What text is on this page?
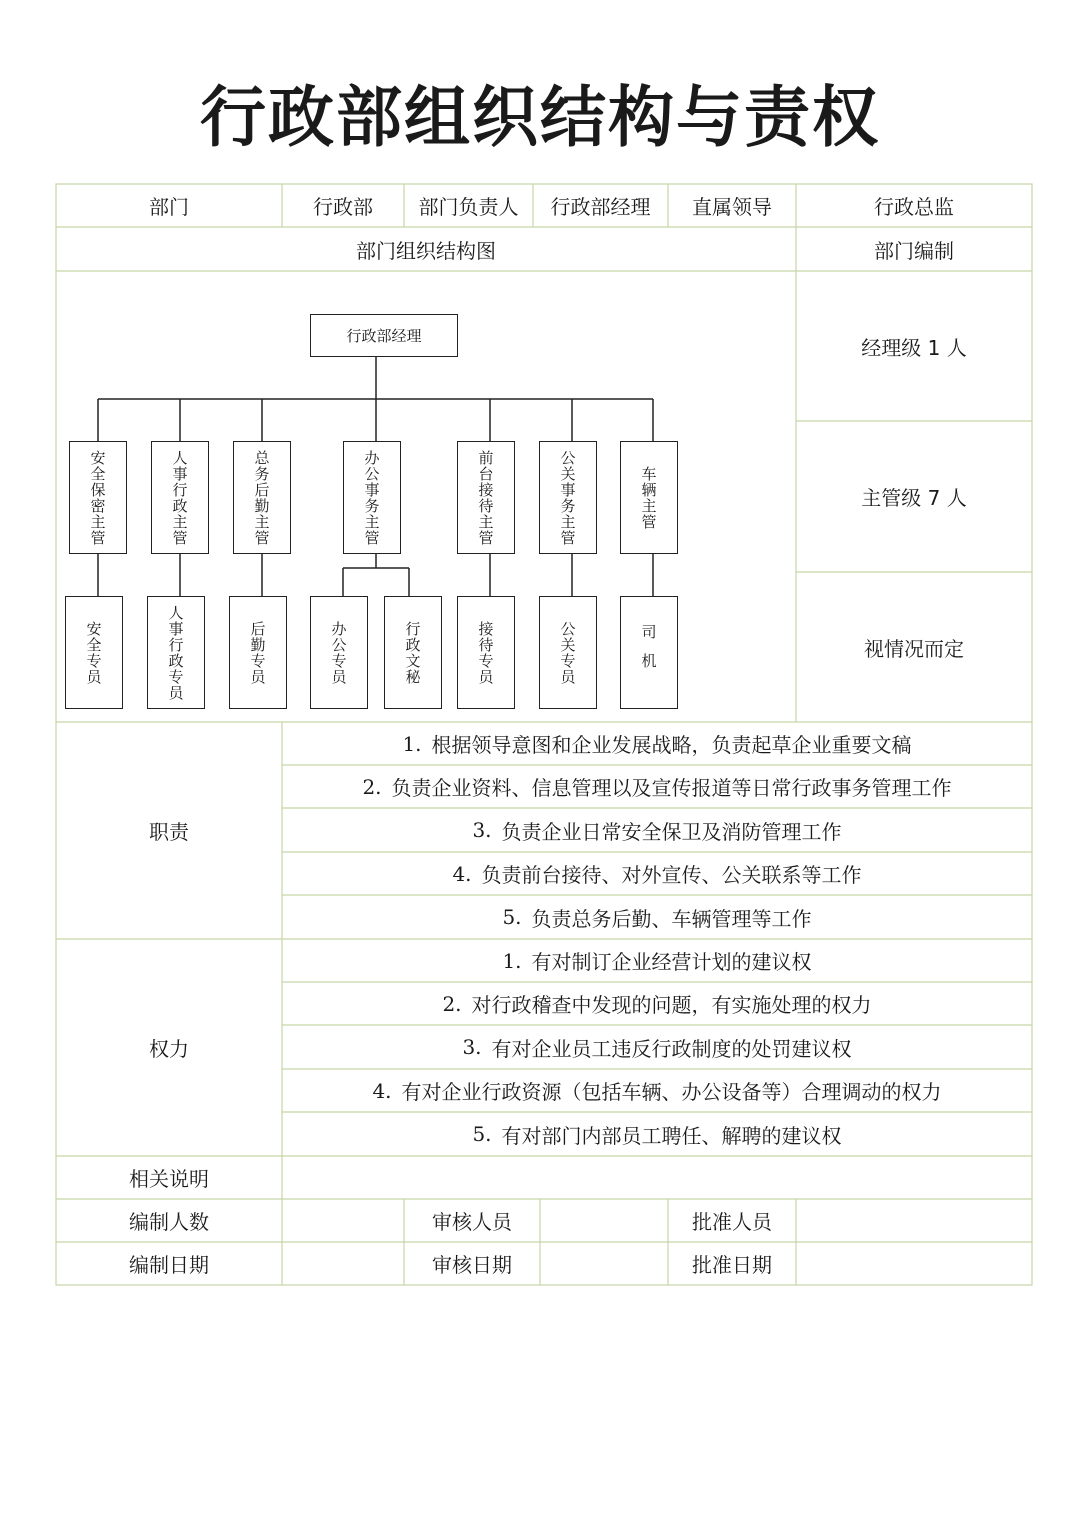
行政部组织结构与责权
部门	行政部	部门负责人	行政部经理	直属领导	行政总监
部门组织结构图	部门编制
经理级 1 人
主管级 7 人
视情况而定
行政部经理
安全保密主管	人事行政主管	总务后勤主管	办公事务主管	前台接待主管	公关事务主管	车辆主管
安全专员	人事行政专员	后勤专员	办公专员	行政文秘	接待专员	公关专员	司机
职责
1. 根据领导意图和企业发展战略，负责起草企业重要文稿
2. 负责企业资料、信息管理以及宣传报道等日常行政事务管理工作
3. 负责企业日常安全保卫及消防管理工作
4. 负责前台接待、对外宣传、公关联系等工作
5. 负责总务后勤、车辆管理等工作
权力
1. 有对制订企业经营计划的建议权
2. 对行政稽查中发现的问题，有实施处理的权力
3. 有对企业员工违反行政制度的处罚建议权
4. 有对企业行政资源（包括车辆、办公设备等）合理调动的权力
5. 有对部门内部员工聘任、解聘的建议权
相关说明
编制人数	审核人员	批准人员
编制日期	审核日期	批准日期
